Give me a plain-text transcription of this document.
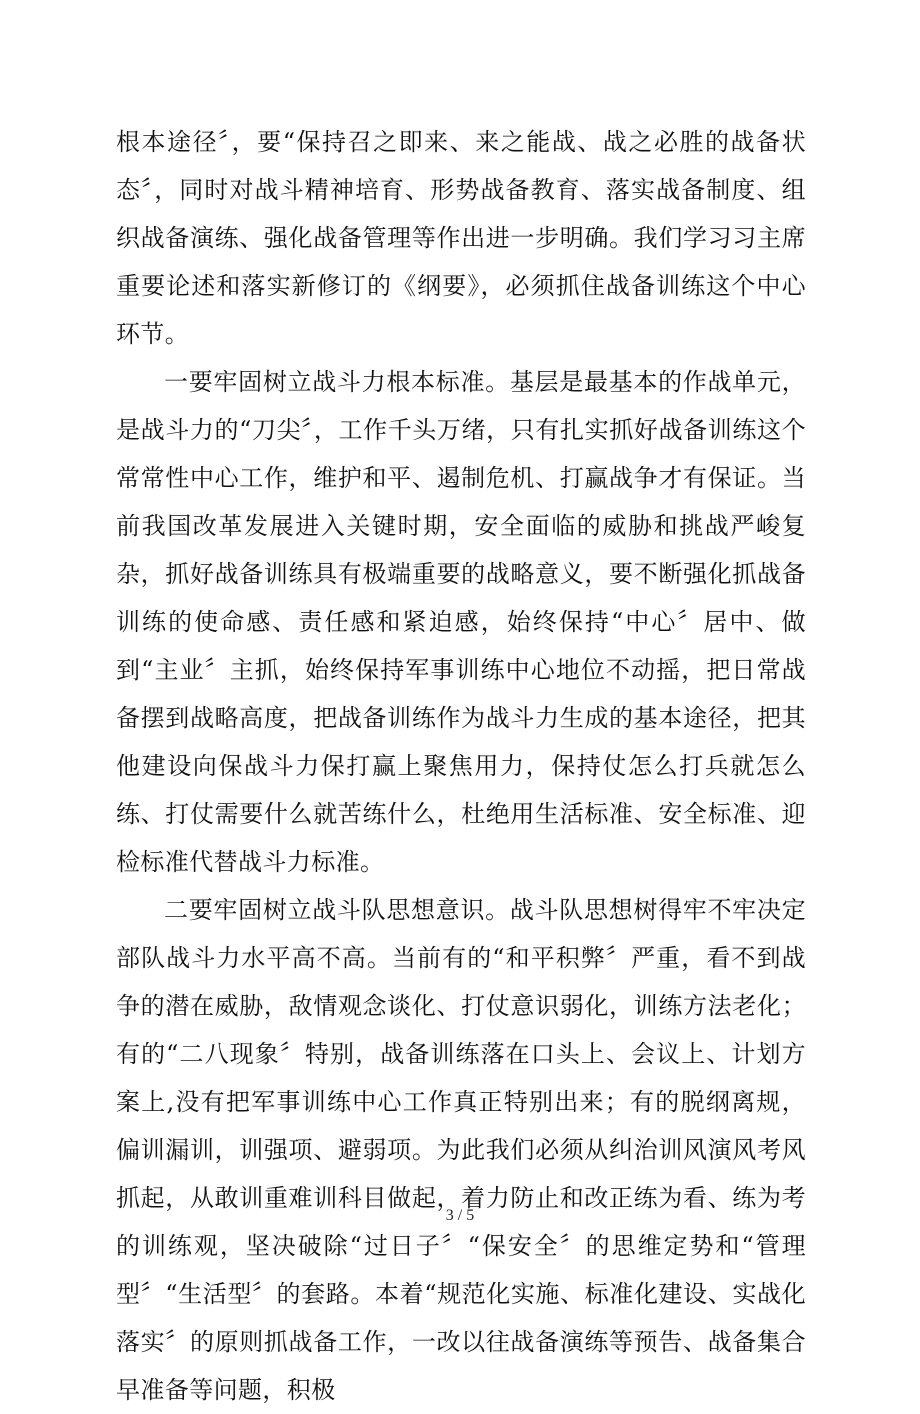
根本途径〞，要“保持召之即来、来之能战、战之必胜的战备状态〞，同时对战斗精神培育、形势战备教育、落实战备制度、组织战备演练、强化战备管理等作出进一步明确。我们学习习主席重要论述和落实新修订的《纲要》，必须抓住战备训练这个中心环节。

一要牢固树立战斗力根本标准。基层是最基本的作战单元，是战斗力的“刀尖〞，工作千头万绪，只有扎实抓好战备训练这个常常性中心工作，维护和平、遏制危机、打赢战争才有保证。当前我国改革发展进入关键时期，安全面临的威胁和挑战严峻复杂，抓好战备训练具有极端重要的战略意义，要不断强化抓战备训练的使命感、责任感和紧迫感，始终保持“中心〞居中、做到“主业〞主抓，始终保持军事训练中心地位不动摇，把日常战备摆到战略高度，把战备训练作为战斗力生成的基本途径，把其他建设向保战斗力保打赢上聚焦用力，保持仗怎么打兵就怎么练、打仗需要什么就苦练什么，杜绝用生活标准、安全标准、迎检标准代替战斗力标准。

二要牢固树立战斗队思想意识。战斗队思想树得牢不牢决定部队战斗力水平高不高。当前有的“和平积弊〞严重，看不到战争的潜在威胁，敌情观念谈化、打仗意识弱化，训练方法老化；有的“二八现象〞特别，战备训练落在口头上、会议上、计划方案上,没有把军事训练中心工作真正特别出来；有的脱纲离规，偏训漏训，训强项、避弱项。为此我们必须从纠治训风演风考风抓起，从敢训重难训科目做起，着力防止和改正练为看、练为考的训练观，坚决破除“过日子〞“保安全〞的思维定势和“管理型〞“生活型〞的套路。本着“规范化实施、标准化建设、实战化落实〞的原则抓战备工作，一改以往战备演练等预告、战备集合早准备等问题，积极

3 / 5
